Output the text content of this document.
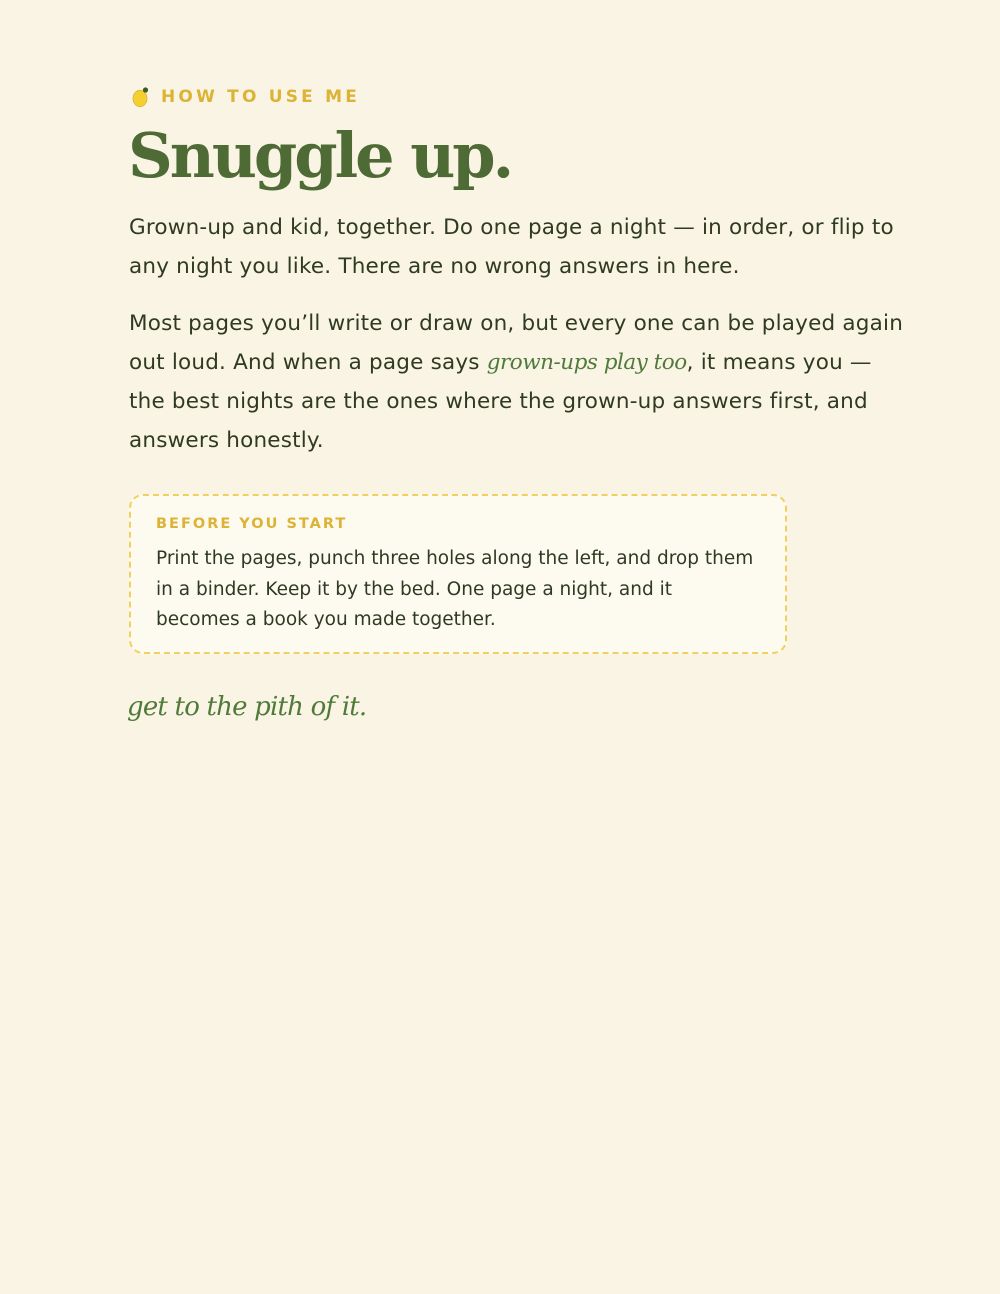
HOW TO USE ME
Snuggle up.

Grown-up and kid, together. Do one page a night — in order, or flip to any night you like. There are no wrong answers in here.

Most pages you’ll write or draw on, but every one can be played again out loud. And when a page says grown-ups play too, it means you — the best nights are the ones where the grown-up answers first, and answers honestly.

BEFORE YOU START
Print the pages, punch three holes along the left, and drop them in a binder. Keep it by the bed. One page a night, and it becomes a book you made together.
get to the pith of it.
